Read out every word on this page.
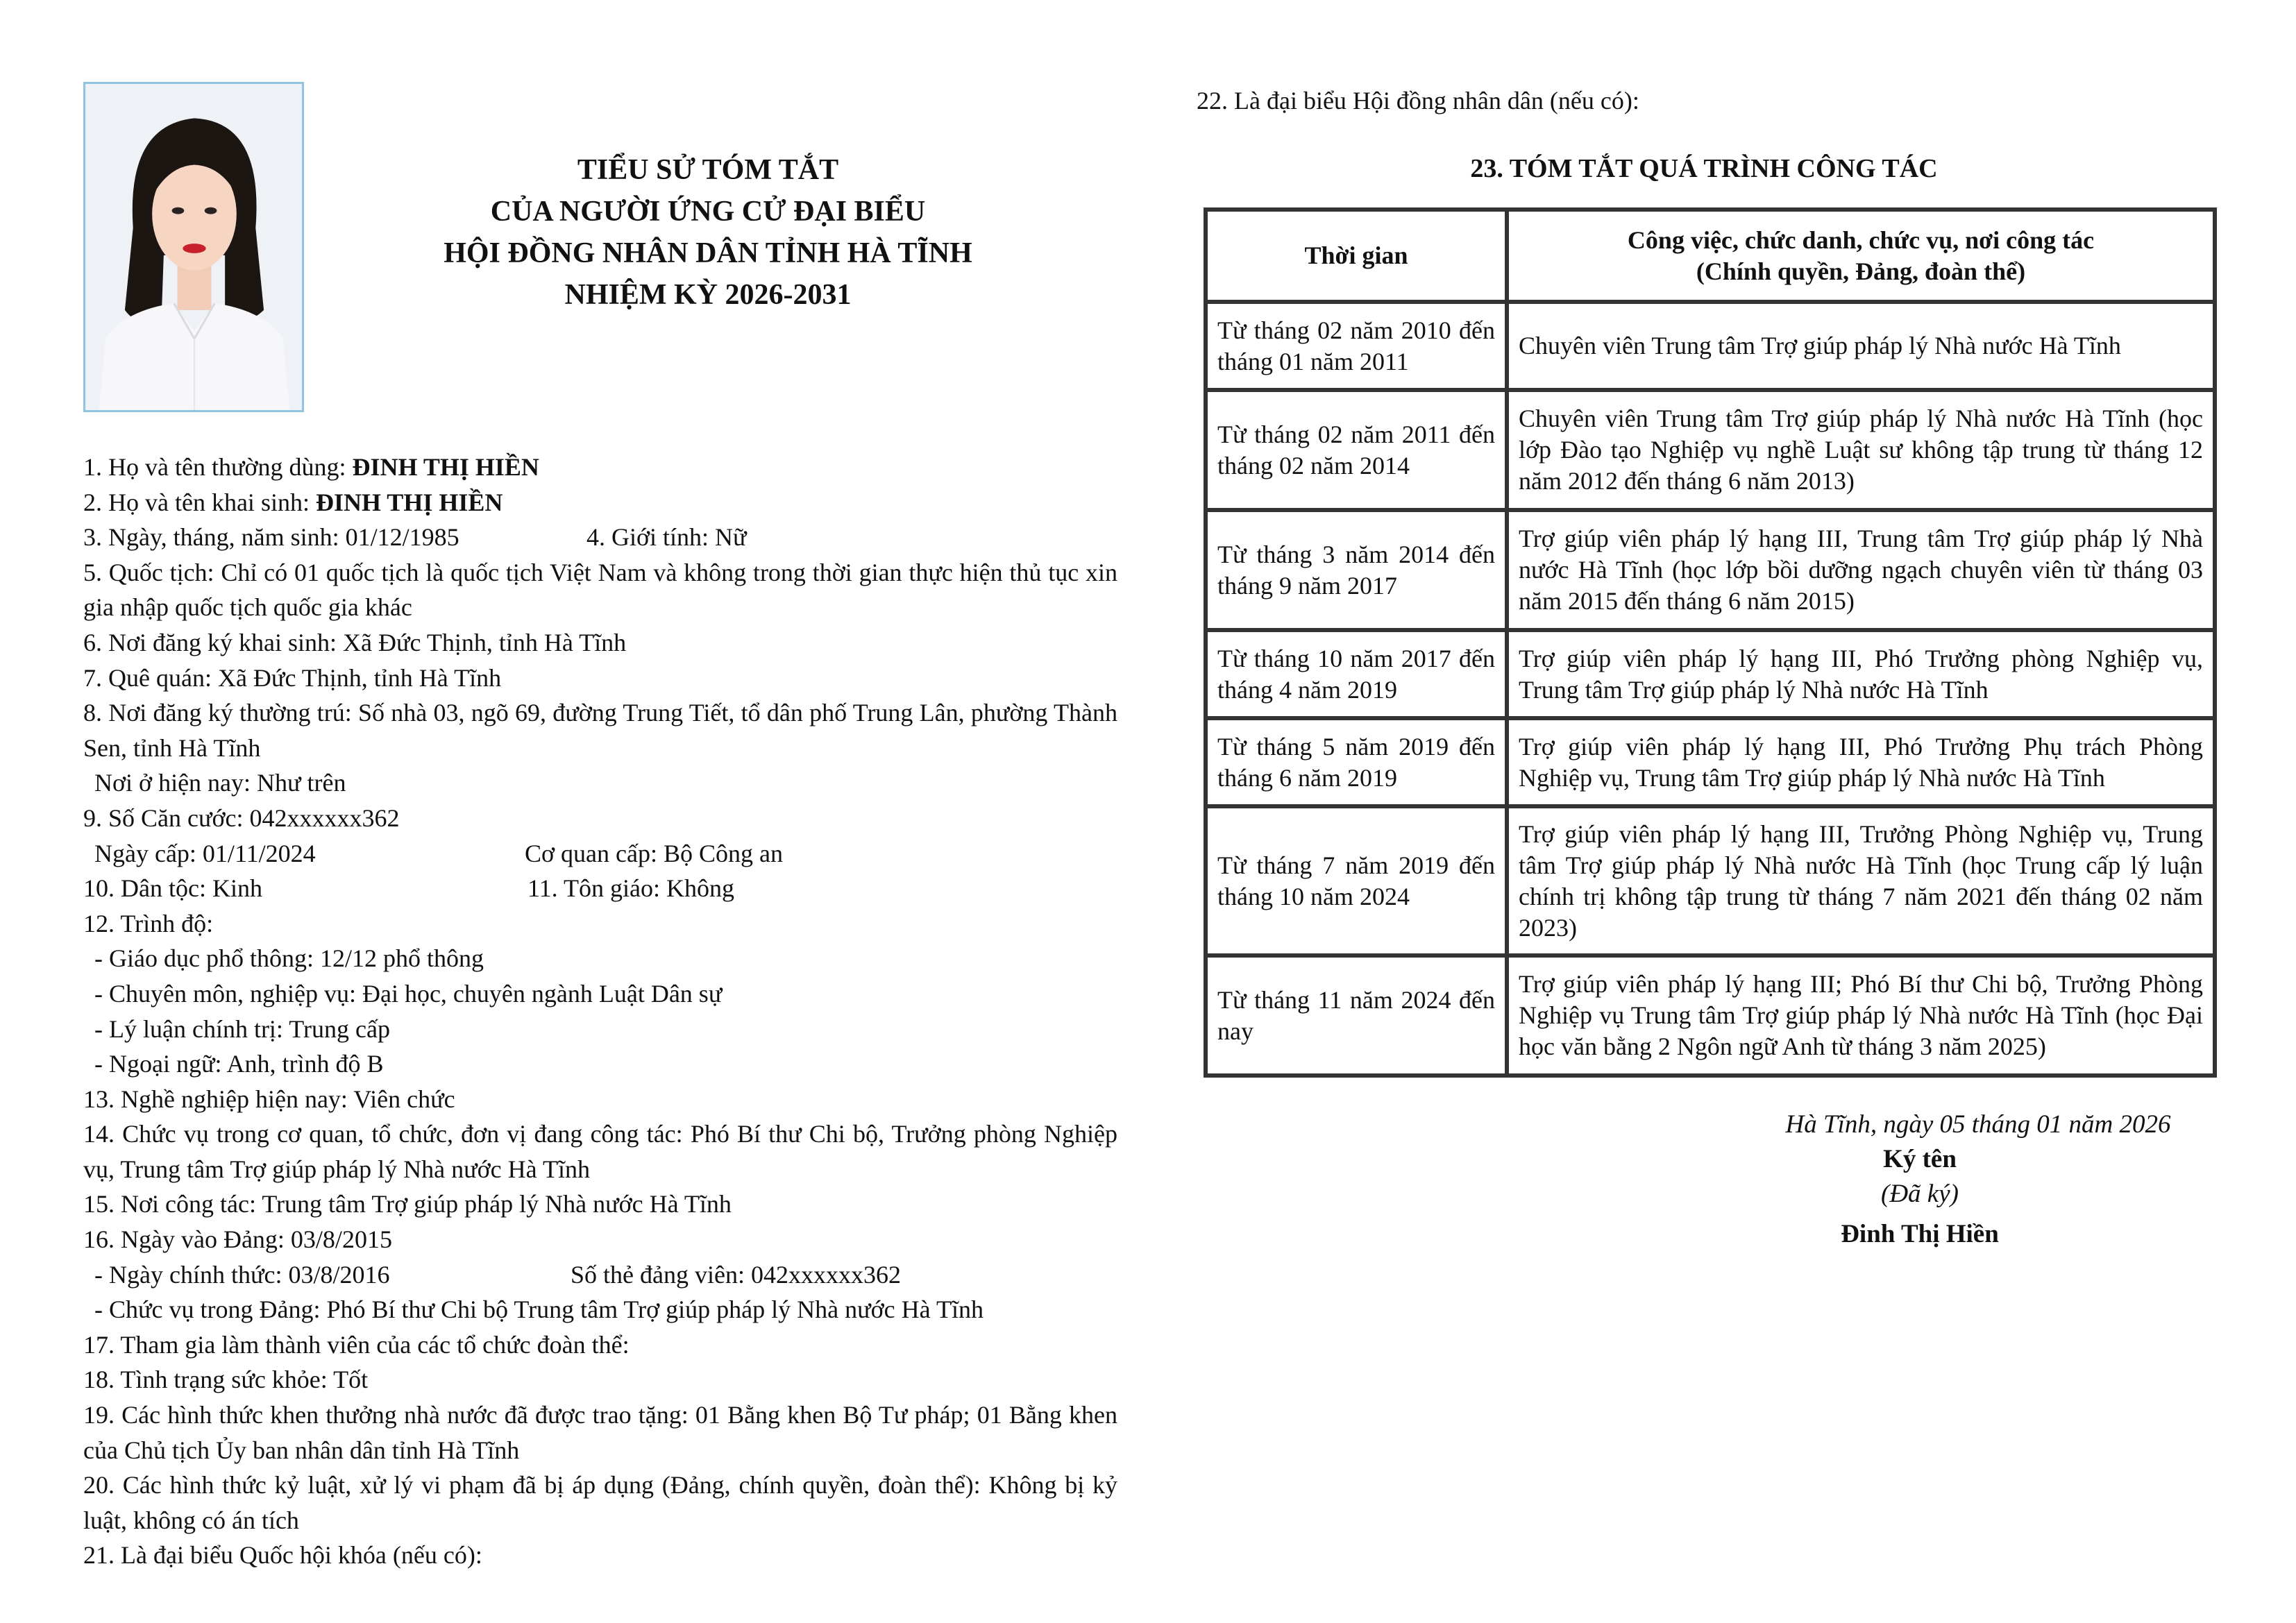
TIỂU SỬ TÓM TẮT
CỦA NGƯỜI ỨNG CỬ ĐẠI BIỂU
HỘI ĐỒNG NHÂN DÂN TỈNH HÀ TĨNH
NHIỆM KỲ 2026-2031
1. Họ và tên thường dùng: ĐINH THỊ HIỀN
2. Họ và tên khai sinh: ĐINH THỊ HIỀN
3. Ngày, tháng, năm sinh: 01/12/1985	4. Giới tính: Nữ
5. Quốc tịch: Chỉ có 01 quốc tịch là quốc tịch Việt Nam và không trong thời gian thực hiện thủ tục xin gia nhập quốc tịch quốc gia khác
6. Nơi đăng ký khai sinh: Xã Đức Thịnh, tỉnh Hà Tĩnh
7. Quê quán: Xã Đức Thịnh, tỉnh Hà Tĩnh
8. Nơi đăng ký thường trú: Số nhà 03, ngõ 69, đường Trung Tiết, tổ dân phố Trung Lân, phường Thành Sen, tỉnh Hà Tĩnh
Nơi ở hiện nay: Như trên
9. Số Căn cước: 042xxxxxx362
Ngày cấp: 01/11/2024	Cơ quan cấp: Bộ Công an
10. Dân tộc: Kinh	11. Tôn giáo: Không
12. Trình độ:
- Giáo dục phổ thông: 12/12 phổ thông
- Chuyên môn, nghiệp vụ: Đại học, chuyên ngành Luật Dân sự
- Lý luận chính trị: Trung cấp
- Ngoại ngữ: Anh, trình độ B
13. Nghề nghiệp hiện nay: Viên chức
14. Chức vụ trong cơ quan, tổ chức, đơn vị đang công tác: Phó Bí thư Chi bộ, Trưởng phòng Nghiệp vụ, Trung tâm Trợ giúp pháp lý Nhà nước Hà Tĩnh
15. Nơi công tác: Trung tâm Trợ giúp pháp lý Nhà nước Hà Tĩnh
16. Ngày vào Đảng: 03/8/2015
- Ngày chính thức: 03/8/2016	Số thẻ đảng viên: 042xxxxxx362
- Chức vụ trong Đảng: Phó Bí thư Chi bộ Trung tâm Trợ giúp pháp lý Nhà nước Hà Tĩnh
17. Tham gia làm thành viên của các tổ chức đoàn thể:
18. Tình trạng sức khỏe: Tốt
19. Các hình thức khen thưởng nhà nước đã được trao tặng: 01 Bằng khen Bộ Tư pháp; 01 Bằng khen của Chủ tịch Ủy ban nhân dân tỉnh Hà Tĩnh
20. Các hình thức kỷ luật, xử lý vi phạm đã bị áp dụng (Đảng, chính quyền, đoàn thể): Không bị kỷ luật, không có án tích
21. Là đại biểu Quốc hội khóa (nếu có):
22. Là đại biểu Hội đồng nhân dân (nếu có):
23. TÓM TẮT QUÁ TRÌNH CÔNG TÁC
Thời gian	Công việc, chức danh, chức vụ, nơi công tác
(Chính quyền, Đảng, đoàn thể)

Từ tháng 02 năm 2010 đến tháng 01 năm 2011	Chuyên viên Trung tâm Trợ giúp pháp lý Nhà nước Hà Tĩnh
Từ tháng 02 năm 2011 đến tháng 02 năm 2014	Chuyên viên Trung tâm Trợ giúp pháp lý Nhà nước Hà Tĩnh (học lớp Đào tạo Nghiệp vụ nghề Luật sư không tập trung từ tháng 12 năm 2012 đến tháng 6 năm 2013)
Từ tháng 3 năm 2014 đến tháng 9 năm 2017	Trợ giúp viên pháp lý hạng III, Trung tâm Trợ giúp pháp lý Nhà nước Hà Tĩnh (học lớp bồi dưỡng ngạch chuyên viên từ tháng 03 năm 2015 đến tháng 6 năm 2015)
Từ tháng 10 năm 2017 đến tháng 4 năm 2019	Trợ giúp viên pháp lý hạng III, Phó Trưởng phòng Nghiệp vụ, Trung tâm Trợ giúp pháp lý Nhà nước Hà Tĩnh
Từ tháng 5 năm 2019 đến tháng 6 năm 2019	Trợ giúp viên pháp lý hạng III, Phó Trưởng Phụ trách Phòng Nghiệp vụ, Trung tâm Trợ giúp pháp lý Nhà nước Hà Tĩnh
Từ tháng 7 năm 2019 đến tháng 10 năm 2024	Trợ giúp viên pháp lý hạng III, Trưởng Phòng Nghiệp vụ, Trung tâm Trợ giúp pháp lý Nhà nước Hà Tĩnh (học Trung cấp lý luận chính trị không tập trung từ tháng 7 năm 2021 đến tháng 02 năm 2023)
Từ tháng 11 năm 2024 đến nay	Trợ giúp viên pháp lý hạng III; Phó Bí thư Chi bộ, Trưởng Phòng Nghiệp vụ Trung tâm Trợ giúp pháp lý Nhà nước Hà Tĩnh (học Đại học văn bằng 2 Ngôn ngữ Anh từ tháng 3 năm 2025)
Hà Tĩnh, ngày 05 tháng 01 năm 2026
Ký tên
(Đã ký)
Đinh Thị Hiền
